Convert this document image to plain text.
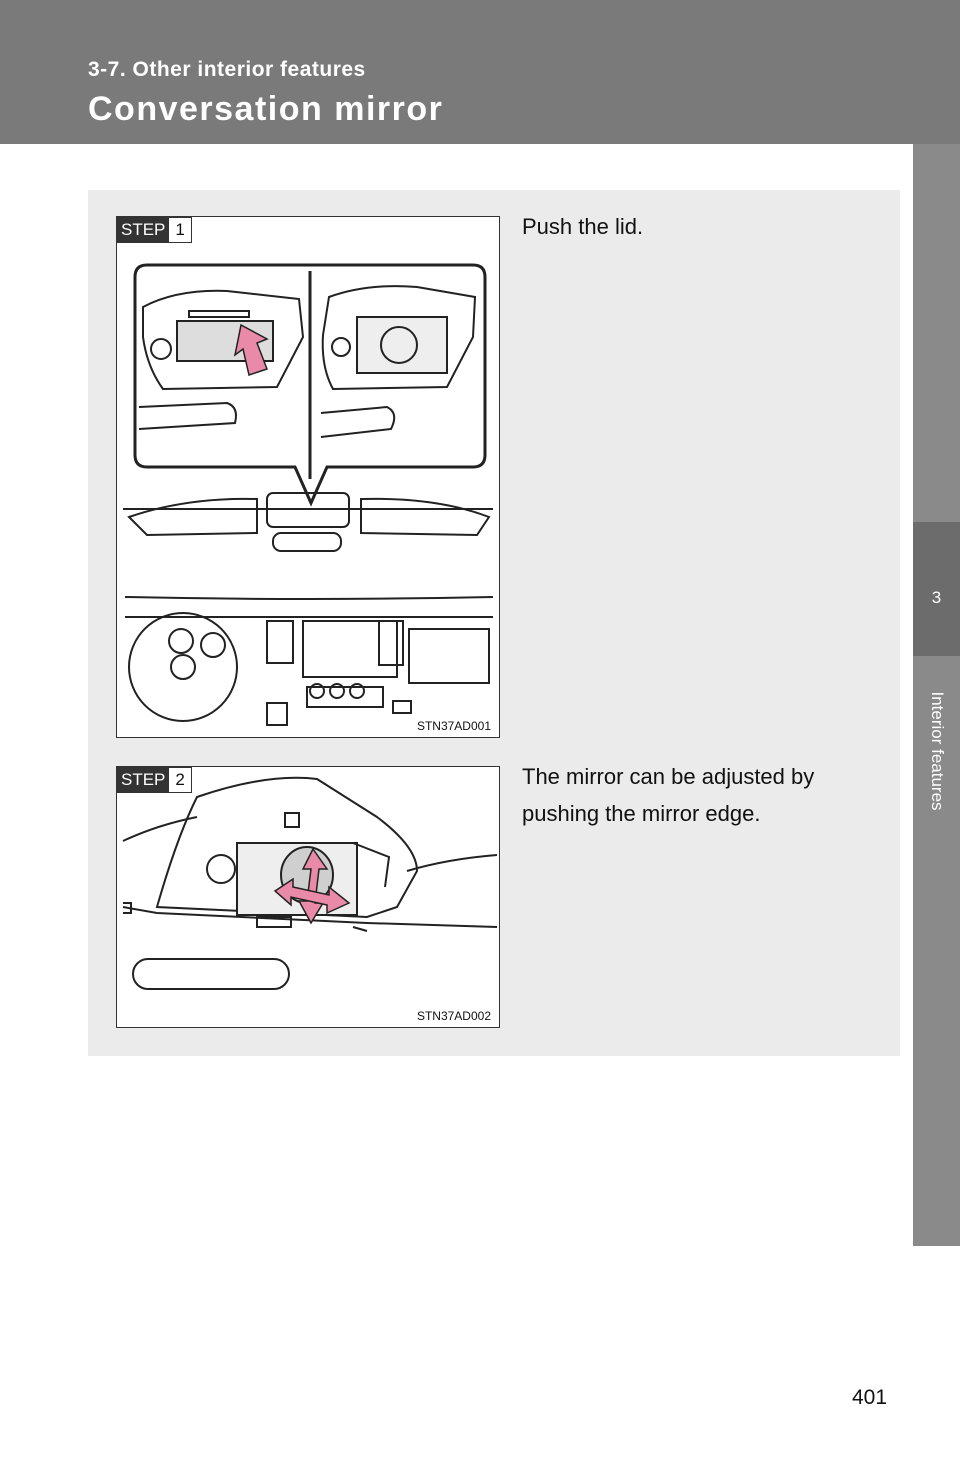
3-7. Other interior features
Conversation mirror
3
Interior features
STEP 1
STN37AD001
Push the lid.
STEP 2
STN37AD002
The mirror can be adjusted by pushing the mirror edge.
401
